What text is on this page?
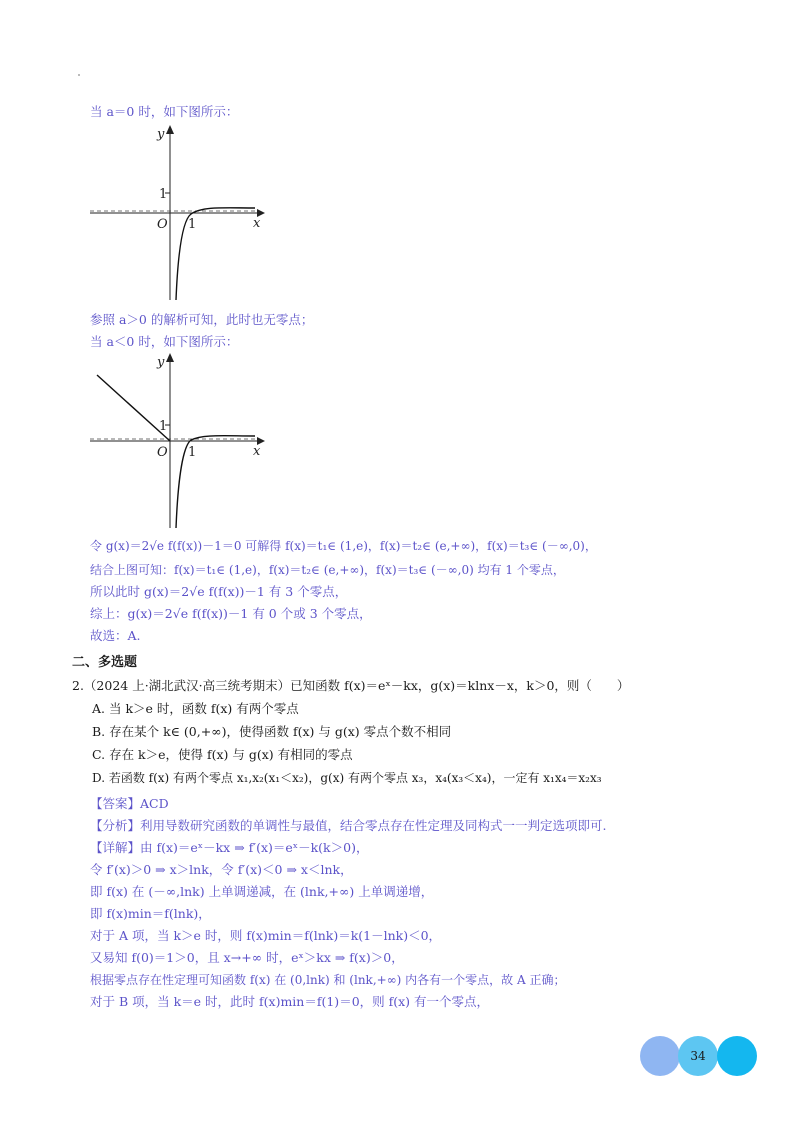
当 a＝0 时，如下图所示：
y
1
O 1	x
参照 a＞0 的解析可知，此时也无零点；
当 a＜0 时，如下图所示：
y
1
O 1	x
令 g(x)＝2√e f(f(x))－1＝0 可解得 f(x)＝t₁∈ (1,e)，f(x)＝t₂∈ (e,+∞)，f(x)＝t₃∈ (－∞,0)，
结合上图可知：f(x)＝t₁∈ (1,e)，f(x)＝t₂∈ (e,+∞)，f(x)＝t₃∈ (－∞,0) 均有 1 个零点，
所以此时 g(x)＝2√e f(f(x))－1 有 3 个零点，
综上：g(x)＝2√e f(f(x))－1 有 0 个或 3 个零点，
故选：A.
二、多选题
2.（2024 上·湖北武汉·高三统考期末）已知函数 f(x)＝eˣ－kx，g(x)＝klnx－x，k＞0，则（　　）
A. 当 k＞e 时，函数 f(x) 有两个零点
B. 存在某个 k∈ (0,+∞)，使得函数 f(x) 与 g(x) 零点个数不相同
C. 存在 k＞e，使得 f(x) 与 g(x) 有相同的零点
D. 若函数 f(x) 有两个零点 x₁,x₂(x₁＜x₂)，g(x) 有两个零点 x₃，x₄(x₃＜x₄)，一定有 x₁x₄＝x₂x₃
【答案】ACD
【分析】利用导数研究函数的单调性与最值，结合零点存在性定理及同构式一一判定选项即可.
【详解】由 f(x)＝eˣ－kx ⇒ f′(x)＝eˣ－k(k＞0)，
令 f′(x)＞0 ⇒ x＞lnk，令 f′(x)＜0 ⇒ x＜lnk，
即 f(x) 在 (－∞,lnk) 上单调递减，在 (lnk,+∞) 上单调递增，
即 f(x)min＝f(lnk)，
对于 A 项，当 k＞e 时，则 f(x)min＝f(lnk)＝k(1－lnk)＜0，
又易知 f(0)＝1＞0，且 x→+∞ 时，eˣ＞kx ⇒ f(x)＞0，
根据零点存在性定理可知函数 f(x) 在 (0,lnk) 和 (lnk,+∞) 内各有一个零点，故 A 正确；
对于 B 项，当 k＝e 时，此时 f(x)min＝f(1)＝0，则 f(x) 有一个零点，
34
